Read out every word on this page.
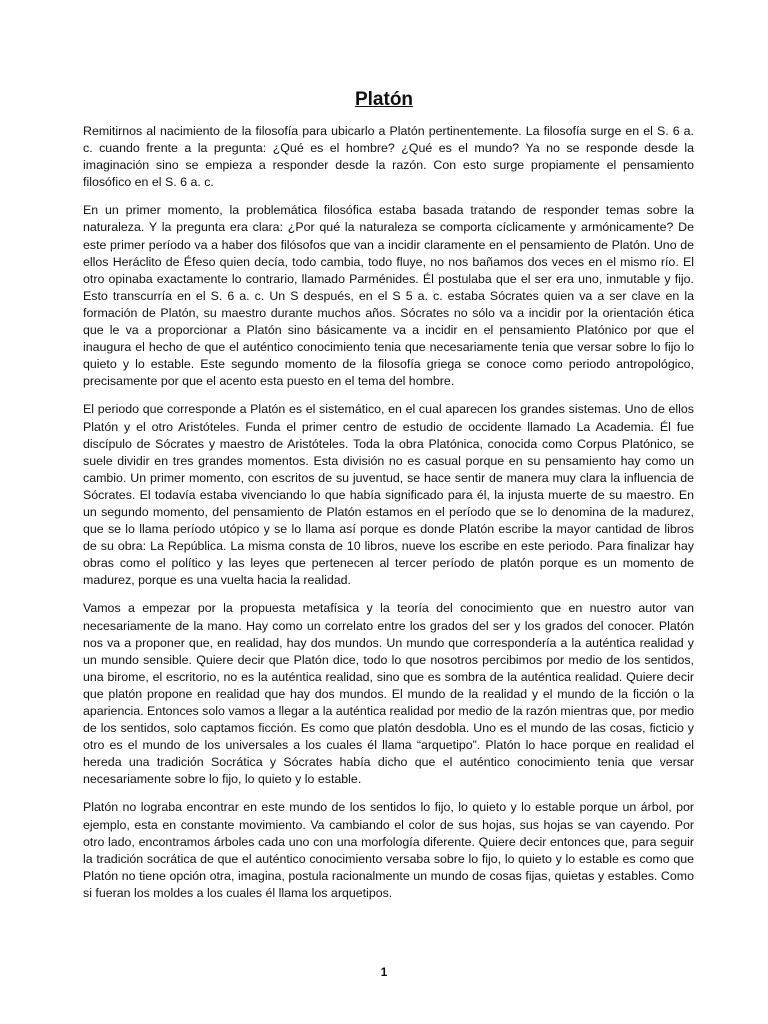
Platón

Remitirnos al nacimiento de la filosofía para ubicarlo a Platón pertinentemente. La filosofía surge en el S. 6 a. c. cuando frente a la pregunta: ¿Qué es el hombre? ¿Qué es el mundo? Ya no se responde desde la imaginación sino se empieza a responder desde la razón. Con esto surge propiamente el pensamiento filosófico en el S. 6 a. c.

En un primer momento, la problemática filosófica estaba basada tratando de responder temas sobre la naturaleza. Y la pregunta era clara: ¿Por qué la naturaleza se comporta cíclicamente y armónicamente? De este primer período va a haber dos filósofos que van a incidir claramente en el pensamiento de Platón. Uno de ellos Heráclito de Éfeso quien decía, todo cambia, todo fluye, no nos bañamos dos veces en el mismo río. El otro opinaba exactamente lo contrario, llamado Parménides. Él postulaba que el ser era uno, inmutable y fijo. Esto transcurría en el S. 6 a. c. Un S después, en el S 5 a. c. estaba Sócrates quien va a ser clave en la formación de Platón, su maestro durante muchos años. Sócrates no sólo va a incidir por la orientación ética que le va a proporcionar a Platón sino básicamente va a incidir en el pensamiento Platónico por que el inaugura el hecho de que el auténtico conocimiento tenia que necesariamente tenia que versar sobre lo fijo lo quieto y lo estable. Este segundo momento de la filosofía griega se conoce como periodo antropológico, precisamente por que el acento esta puesto en el tema del hombre.

El periodo que corresponde a Platón es el sistemático, en el cual aparecen los grandes sistemas. Uno de ellos Platón y el otro Aristóteles. Funda el primer centro de estudio de occidente llamado La Academia. Él fue discípulo de Sócrates y maestro de Aristóteles. Toda la obra Platónica, conocida como Corpus Platónico, se suele dividir en tres grandes momentos. Esta división no es casual porque en su pensamiento hay como un cambio. Un primer momento, con escritos de su juventud, se hace sentir de manera muy clara la influencia de Sócrates. El todavía estaba vivenciando lo que había significado para él, la injusta muerte de su maestro. En un segundo momento, del pensamiento de Platón estamos en el período que se lo denomina de la madurez, que se lo llama período utópico y se lo llama así porque es donde Platón escribe la mayor cantidad de libros de su obra: La República. La misma consta de 10 libros, nueve los escribe en este periodo. Para finalizar hay obras como el político y las leyes que pertenecen al tercer período de platón porque es un momento de madurez, porque es una vuelta hacia la realidad.

Vamos a empezar por la propuesta metafísica y la teoría del conocimiento que en nuestro autor van necesariamente de la mano. Hay como un correlato entre los grados del ser y los grados del conocer. Platón nos va a proponer que, en realidad, hay dos mundos. Un mundo que correspondería a la auténtica realidad y un mundo sensible. Quiere decir que Platón dice, todo lo que nosotros percibimos por medio de los sentidos, una birome, el escritorio, no es la auténtica realidad, sino que es sombra de la auténtica realidad. Quiere decir que platón propone en realidad que hay dos mundos. El mundo de la realidad y el mundo de la ficción o la apariencia. Entonces solo vamos a llegar a la auténtica realidad por medio de la razón mientras que, por medio de los sentidos, solo captamos ficción. Es como que platón desdobla. Uno es el mundo de las cosas, ficticio y otro es el mundo de los universales a los cuales él llama “arquetipo”. Platón lo hace porque en realidad el hereda una tradición Socrática y Sócrates había dicho que el auténtico conocimiento tenia que versar necesariamente sobre lo fijo, lo quieto y lo estable.

Platón no lograba encontrar en este mundo de los sentidos lo fijo, lo quieto y lo estable porque un árbol, por ejemplo, esta en constante movimiento. Va cambiando el color de sus hojas, sus hojas se van cayendo. Por otro lado, encontramos árboles cada uno con una morfología diferente. Quiere decir entonces que, para seguir la tradición socrática de que el auténtico conocimiento versaba sobre lo fijo, lo quieto y lo estable es como que Platón no tiene opción otra, imagina, postula racionalmente un mundo de cosas fijas, quietas y estables. Como si fueran los moldes a los cuales él llama los arquetipos.

1
